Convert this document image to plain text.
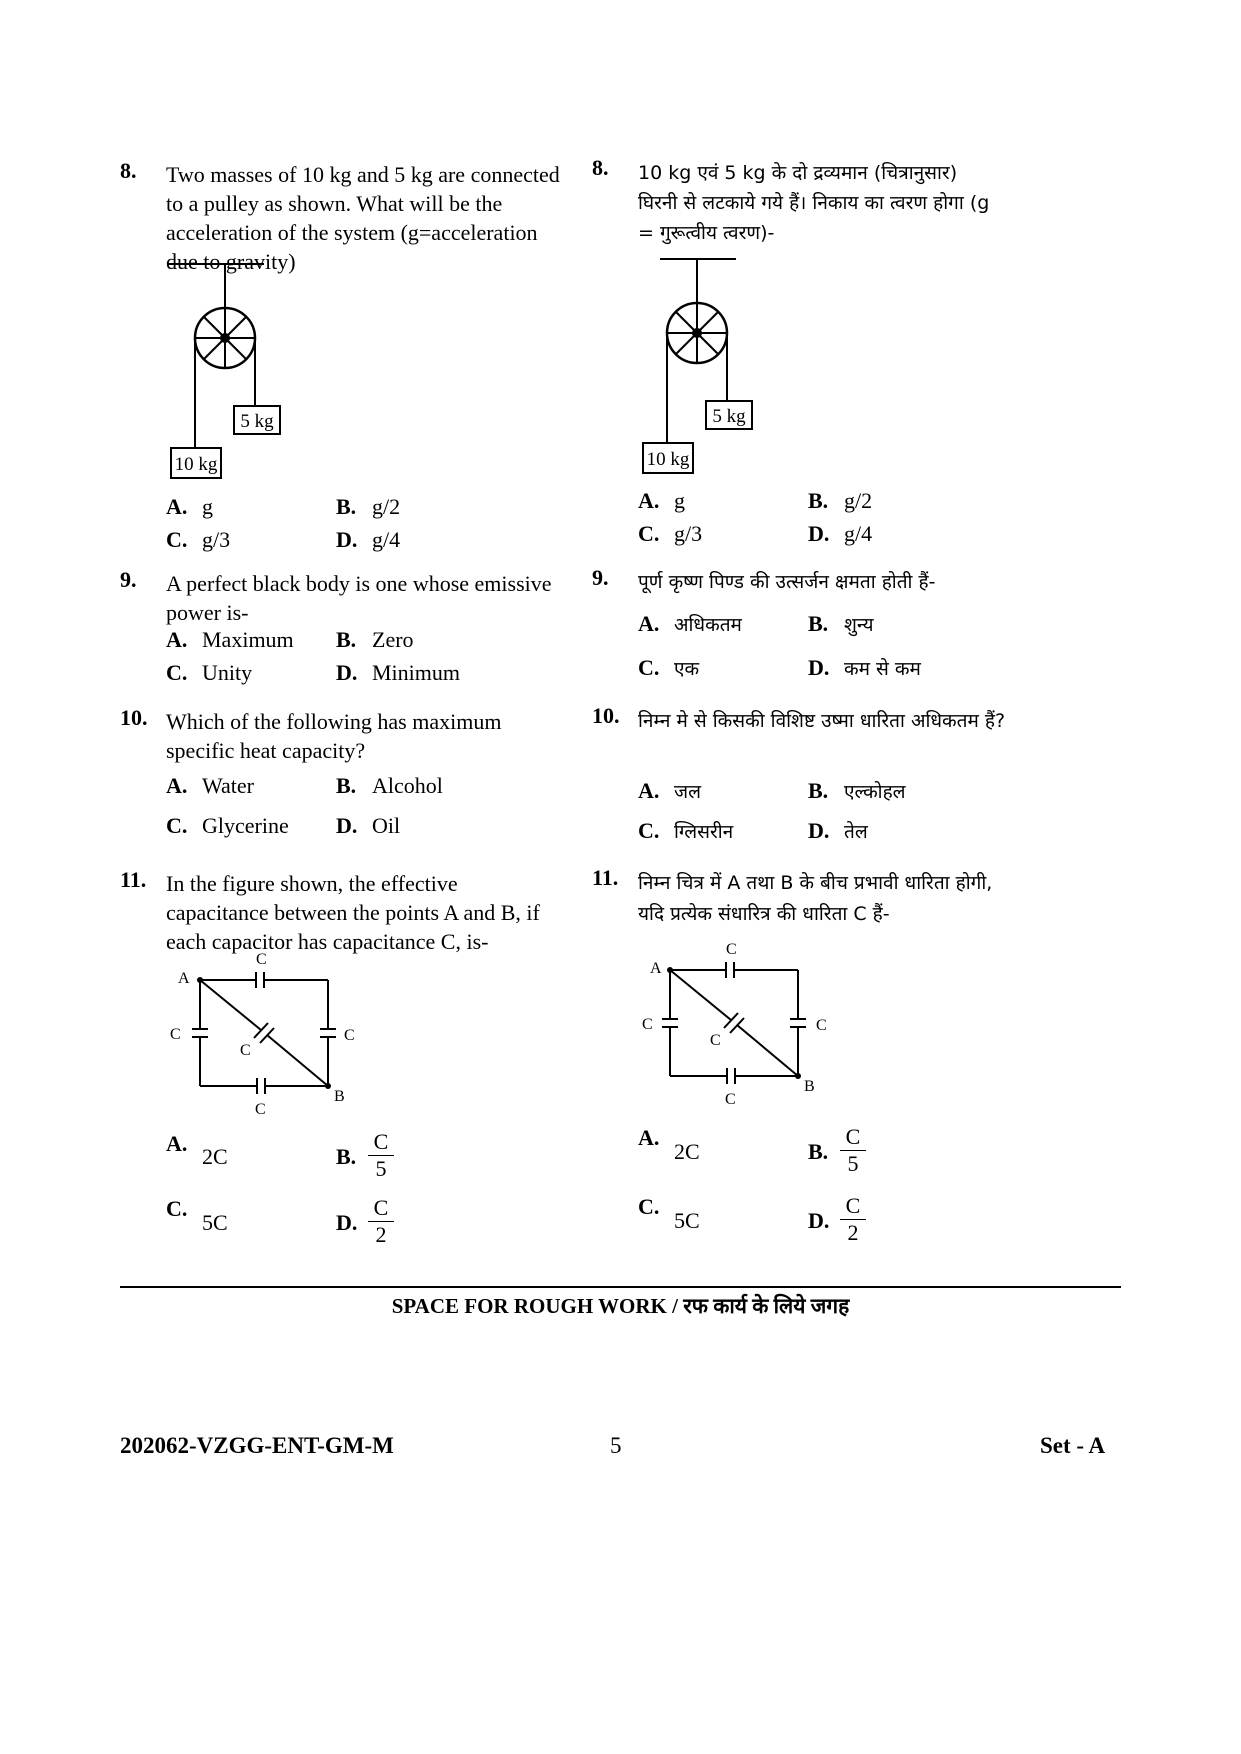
8. Two masses of 10 kg and 5 kg are connected to a pulley as shown. What will be the acceleration of the system (g=acceleration due to gravity)
5 kg
10 kg
A. g	B. g/2
C. g/3	D. g/4
9. A perfect black body is one whose emissive power is-
A. Maximum B. Zero
C. Unity	D. Minimum
10. Which of the following has maximum specific heat capacity?
A. Water	B. Alcohol
C. Glycerine D. Oil
11. In the figure shown, the effective capacitance between the points A and B, if each capacitor has capacitance C, is-
A
B
C
C	C
C
C
A.
2C	B. $\frac{C}{5}$
C.
5C	D. $\frac{C}{2}$
8. 10 kg एवं 5 kg के दो द्रव्यमान (चित्रानुसार) घिरनी से लटकाये गये हैं। निकाय का त्वरण होगा (g = गुरूत्वीय त्वरण)-
5 kg
10 kg
A. g	B. g/2
C. g/3	D. g/4
9. पूर्ण कृष्ण पिण्ड की उत्सर्जन क्षमता होती हैं-
A. अधिकतम	B. शुन्य
C. एक	D. कम से कम
10. निम्न मे से किसकी विशिष्ट उष्मा धारिता अधिकतम हैं?
A. जल	B. एल्कोहल
C. ग्लिसरीन	D. तेल
11. निम्न चित्र में A तथा B के बीच प्रभावी धारिता होगी, यदि प्रत्येक संधारित्र की धारिता C हैं-
A
B
C
C	C
C
C
A.
2C	B. $\frac{C}{5}$
C.
5C	D. $\frac{C}{2}$
SPACE FOR ROUGH WORK / रफ कार्य के लिये जगह
202062-VZGG-ENT-GM-M	5	Set - A
